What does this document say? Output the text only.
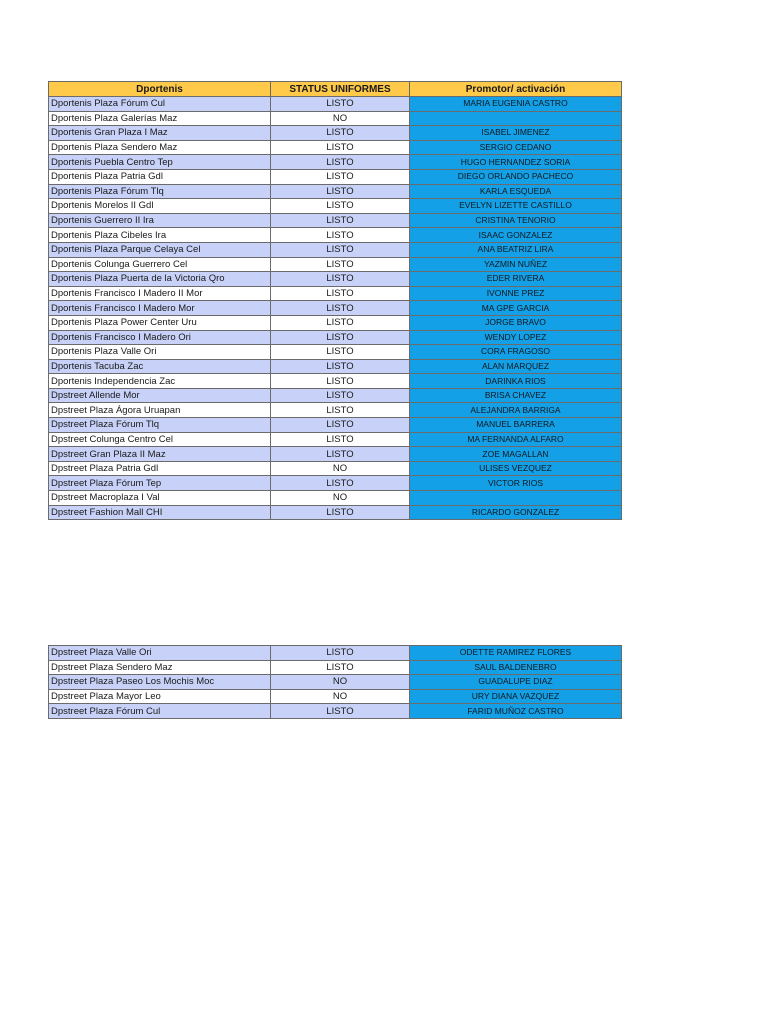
Dportenis	STATUS UNIFORMES	Promotor/ activación
Dportenis Plaza Fórum Cul	LISTO	MARIA EUGENIA CASTRO
Dportenis Plaza Galerías Maz	NO	
Dportenis Gran Plaza I Maz	LISTO	ISABEL JIMENEZ
Dportenis Plaza Sendero Maz	LISTO	SERGIO CEDANO
Dportenis Puebla Centro Tep	LISTO	HUGO HERNANDEZ SORIA
Dportenis Plaza Patria Gdl	LISTO	DIEGO ORLANDO PACHECO
Dportenis Plaza Fórum Tlq	LISTO	KARLA ESQUEDA
Dportenis Morelos II Gdl	LISTO	EVELYN LIZETTE CASTILLO
Dportenis Guerrero II Ira	LISTO	CRISTINA TENORIO
Dportenis Plaza Cibeles Ira	LISTO	ISAAC GONZALEZ
Dportenis Plaza Parque Celaya Cel	LISTO	ANA BEATRIZ LIRA
Dportenis Colunga Guerrero Cel	LISTO	YAZMIN NUÑEZ
Dportenis Plaza Puerta de la Victoria Qro	LISTO	EDER RIVERA
Dportenis Francisco I Madero II Mor	LISTO	IVONNE PREZ
Dportenis Francisco I Madero Mor	LISTO	MA GPE GARCIA
Dportenis Plaza Power Center Uru	LISTO	JORGE BRAVO
Dportenis Francisco I Madero Ori	LISTO	WENDY LOPEZ
Dportenis Plaza Valle Ori	LISTO	CORA FRAGOSO
Dportenis Tacuba Zac	LISTO	ALAN MARQUEZ
Dportenis Independencia Zac	LISTO	DARINKA RIOS
Dpstreet Allende Mor	LISTO	BRISA CHAVEZ
Dpstreet Plaza Ágora Uruapan	LISTO	ALEJANDRA BARRIGA
Dpstreet Plaza Fórum Tlq	LISTO	MANUEL BARRERA
Dpstreet Colunga Centro Cel	LISTO	MA FERNANDA ALFARO
Dpstreet Gran Plaza II Maz	LISTO	ZOE MAGALLAN
Dpstreet Plaza Patria Gdl	NO	ULISES VEZQUEZ
Dpstreet Plaza Fórum Tep	LISTO	VICTOR RIOS
Dpstreet Macroplaza I Val	NO	
Dpstreet Fashion Mall CHI	LISTO	RICARDO GONZALEZ
Dpstreet Plaza Valle Ori	LISTO	ODETTE RAMIREZ FLORES
Dpstreet Plaza Sendero Maz	LISTO	SAUL BALDENEBRO
Dpstreet Plaza Paseo Los Mochis Moc	NO	GUADALUPE DIAZ
Dpstreet Plaza Mayor Leo	NO	URY DIANA VAZQUEZ
Dpstreet Plaza Fórum Cul	LISTO	FARID MUÑOZ CASTRO
